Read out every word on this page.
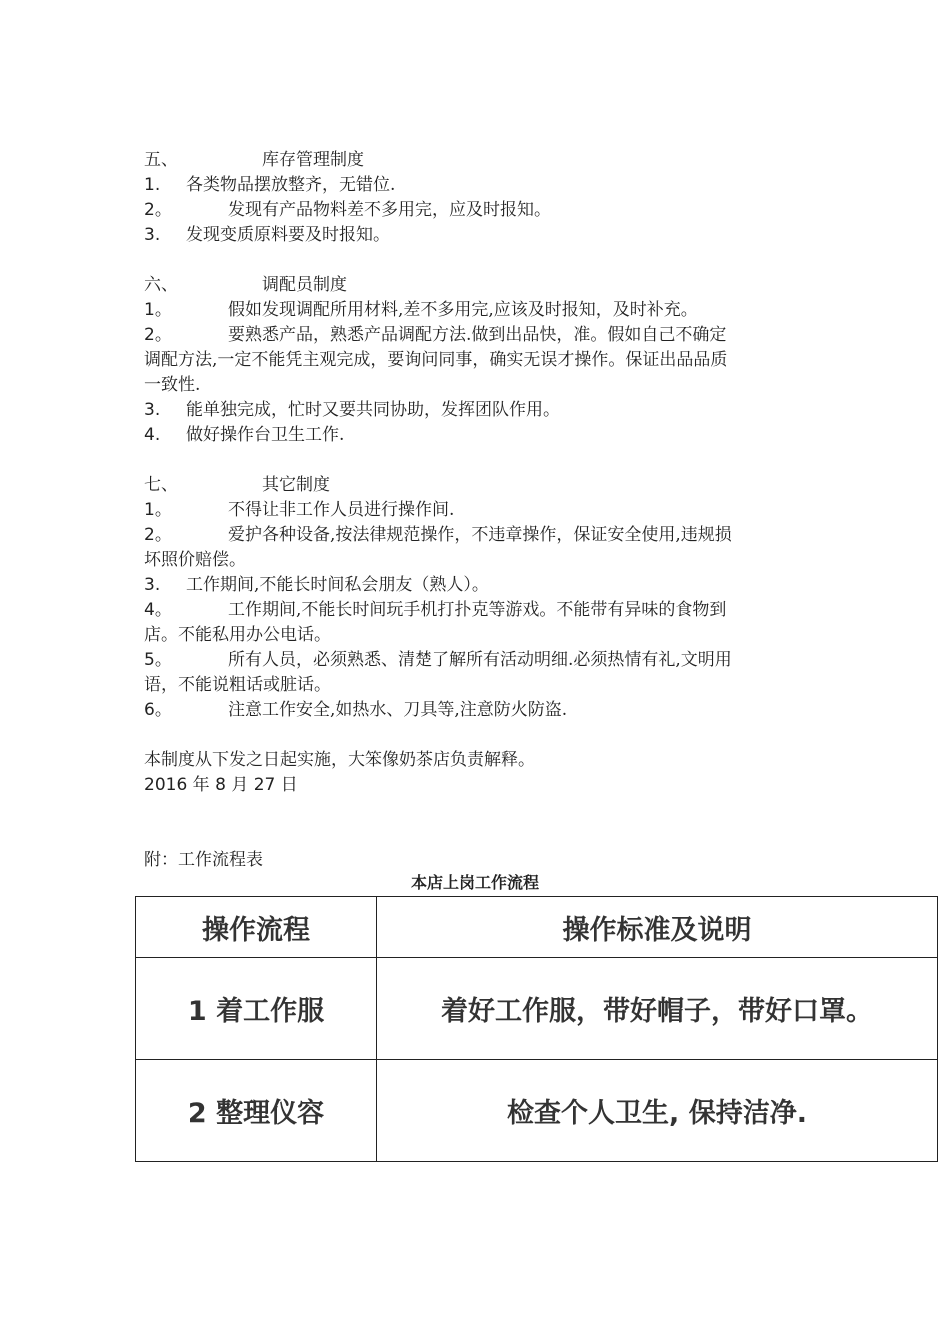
五、	库存管理制度
1. 各类物品摆放整齐，无错位.
2。	发现有产品物料差不多用完，应及时报知。
3. 发现变质原料要及时报知。
六、	调配员制度
1。	假如发现调配所用材料,差不多用完,应该及时报知，及时补充。
2。	要熟悉产品，熟悉产品调配方法.做到出品快，准。假如自己不确定
调配方法,一定不能凭主观完成，要询问同事，确实无误才操作。保证出品品质
一致性.
3. 能单独完成，忙时又要共同协助，发挥团队作用。
4. 做好操作台卫生工作.
七、	其它制度
1。	不得让非工作人员进行操作间.
2。	爱护各种设备,按法律规范操作，不违章操作，保证安全使用,违规损
坏照价赔偿。
3. 工作期间,不能长时间私会朋友（熟人）。
4。	工作期间,不能长时间玩手机打扑克等游戏。不能带有异味的食物到
店。不能私用办公电话。
5。	所有人员，必须熟悉、清楚了解所有活动明细.必须热情有礼,文明用
语，不能说粗话或脏话。
6。	注意工作安全,如热水、刀具等,注意防火防盗.
本制度从下发之日起实施，大笨像奶茶店负责解释。
2016 年 8 月 27 日
附：工作流程表
本店上岗工作流程
操作流程	操作标准及说明
1 着工作服	着好工作服，带好帽子，带好口罩。
2 整理仪容	检查个人卫生, 保持洁净.
